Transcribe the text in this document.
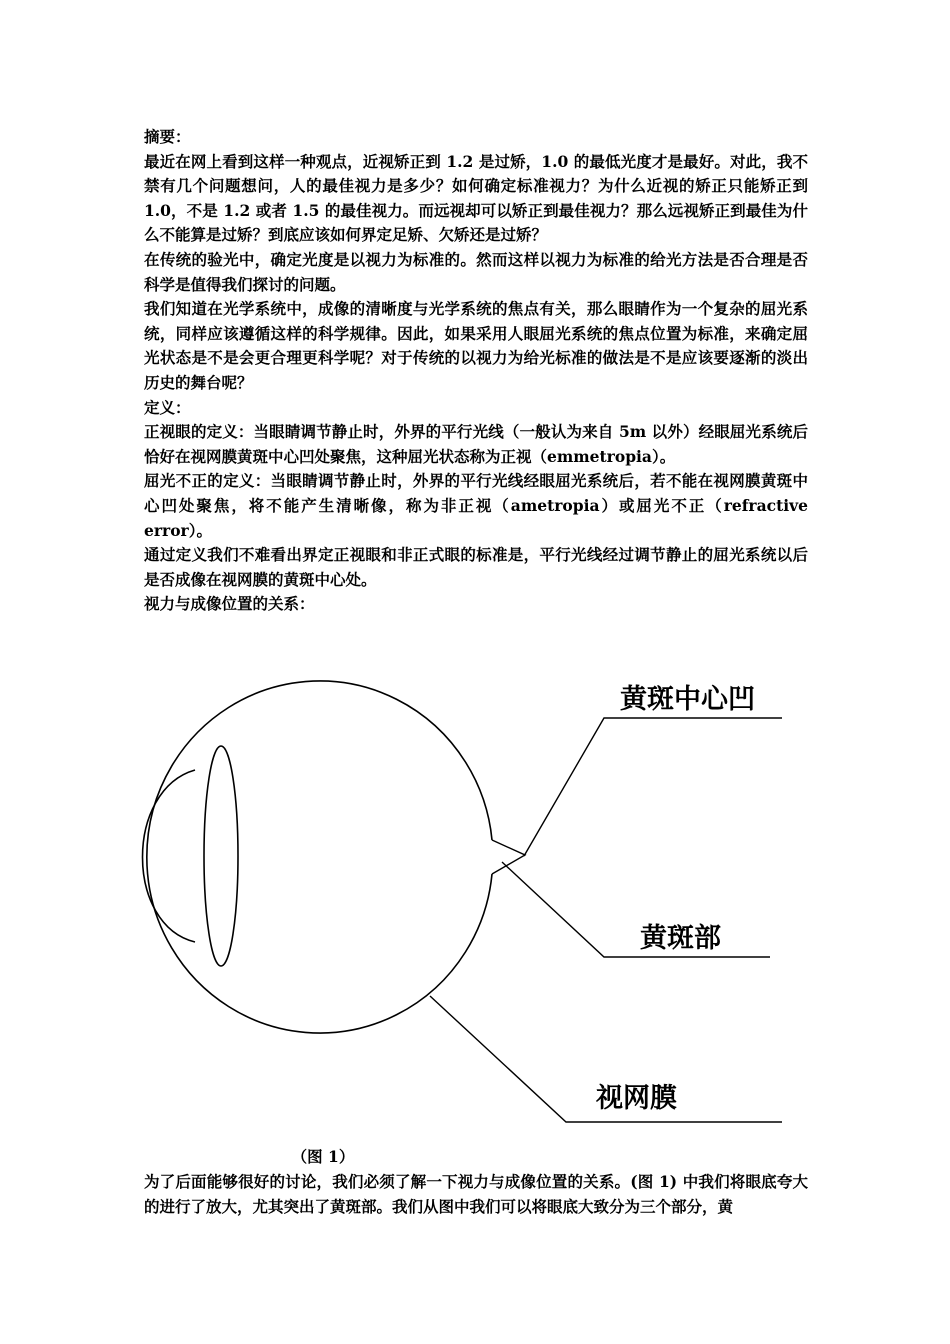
摘要：

最近在网上看到这样一种观点，近视矫正到 1.2 是过矫，1.0 的最低光度才是最好。对此，我不禁有几个问题想问，人的最佳视力是多少？如何确定标准视力？为什么近视的矫正只能矫正到 1.0，不是 1.2 或者 1.5 的最佳视力。而远视却可以矫正到最佳视力？那么远视矫正到最佳为什么不能算是过矫？到底应该如何界定足矫、欠矫还是过矫？

在传统的验光中，确定光度是以视力为标准的。然而这样以视力为标准的给光方法是否合理是否科学是值得我们探讨的问题。

我们知道在光学系统中，成像的清晰度与光学系统的焦点有关，那么眼睛作为一个复杂的屈光系统，同样应该遵循这样的科学规律。因此，如果采用人眼屈光系统的焦点位置为标准，来确定屈光状态是不是会更合理更科学呢？对于传统的以视力为给光标准的做法是不是应该要逐渐的淡出历史的舞台呢？

定义：

正视眼的定义：当眼睛调节静止时，外界的平行光线（一般认为来自 5m 以外）经眼屈光系统后恰好在视网膜黄斑中心凹处聚焦，这种屈光状态称为正视（emmetropia）。

屈光不正的定义：当眼睛调节静止时，外界的平行光线经眼屈光系统后，若不能在视网膜黄斑中心凹处聚焦，将不能产生清晰像，称为非正视（ametropia）或屈光不正（refractive error）。

通过定义我们不难看出界定正视眼和非正式眼的标准是，平行光线经过调节静止的屈光系统以后是否成像在视网膜的黄斑中心处。

视力与成像位置的关系：

黄斑中心凹
黄斑部
视网膜
（图 1）

为了后面能够很好的讨论，我们必须了解一下视力与成像位置的关系。(图 1) 中我们将眼底夸大的进行了放大，尤其突出了黄斑部。我们从图中我们可以将眼底大致分为三个部分，黄
